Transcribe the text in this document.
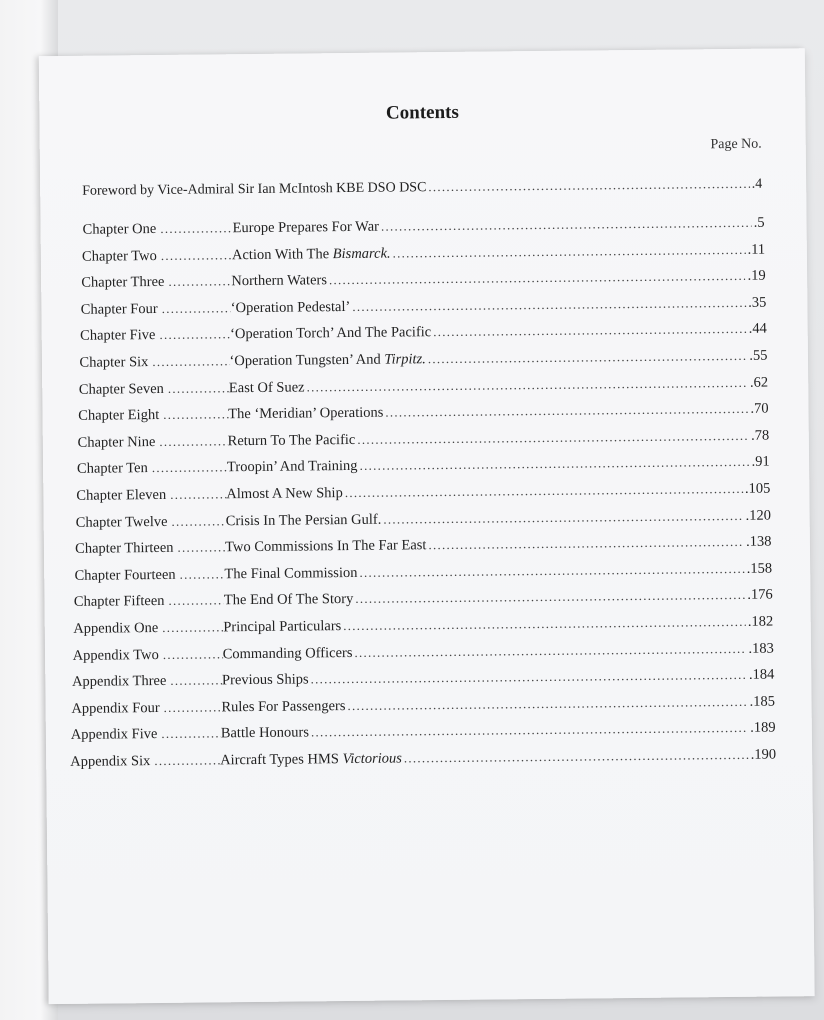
Contents
Page No.
Foreword by Vice-Admiral Sir Ian McIntosh KBE DSO DSC . . .	.4
Chapter One . . .	Europe Prepares For War . . .	.5
Chapter Two . . .	Action With The Bismarck. . . .	.11
Chapter Three . . .	Northern Waters . . .	.19
Chapter Four . . .	‘Operation Pedestal’ . . .	.35
Chapter Five . . .	‘Operation Torch’ And The Pacific . . .	.44
Chapter Six . . .	‘Operation Tungsten’ And Tirpitz. . . .	.55
Chapter Seven . . .	East Of Suez . . .	.62
Chapter Eight . . .	The ‘Meridian’ Operations . . .	.70
Chapter Nine . . .	Return To The Pacific . . .	.78
Chapter Ten . . .	Troopin’ And Training . . .	.91
Chapter Eleven . . .	Almost A New Ship . . .	.105
Chapter Twelve . . .	Crisis In The Persian Gulf. . . .	.120
Chapter Thirteen . . .	Two Commissions In The Far East . . .	.138
Chapter Fourteen . . .	The Final Commission . . .	.158
Chapter Fifteen . . .	The End Of The Story . . .	.176
Appendix One . . .	Principal Particulars . . .	.182
Appendix Two . . .	Commanding Officers . . .	.183
Appendix Three . . .	Previous Ships . . .	.184
Appendix Four . . .	Rules For Passengers . . .	.185
Appendix Five . . .	Battle Honours . . .	.189
Appendix Six . . .	Aircraft Types HMS Victorious . . .	.190
